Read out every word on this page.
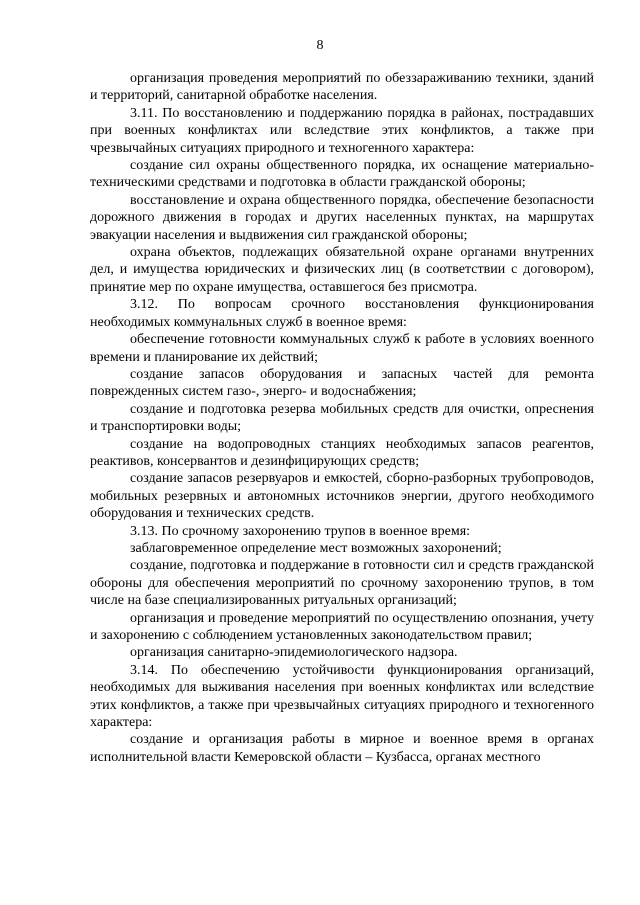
8

организация проведения мероприятий по обеззараживанию техники, зданий и территорий, санитарной обработке населения.

3.11. По восстановлению и поддержанию порядка в районах, пострадавших при военных конфликтах или вследствие этих конфликтов, а также при чрезвычайных ситуациях природного и техногенного характера:

создание сил охраны общественного порядка, их оснащение материально-техническими средствами и подготовка в области гражданской обороны;

восстановление и охрана общественного порядка, обеспечение безопасности дорожного движения в городах и других населенных пунктах, на маршрутах эвакуации населения и выдвижения сил гражданской обороны;

охрана объектов, подлежащих обязательной охране органами внутренних дел, и имущества юридических и физических лиц (в соответствии с договором), принятие мер по охране имущества, оставшегося без присмотра.

3.12. По вопросам срочного восстановления функционирования необходимых коммунальных служб в военное время:

обеспечение готовности коммунальных служб к работе в условиях военного времени и планирование их действий;

создание запасов оборудования и запасных частей для ремонта поврежденных систем газо-, энерго- и водоснабжения;

создание и подготовка резерва мобильных средств для очистки, опреснения и транспортировки воды;

создание на водопроводных станциях необходимых запасов реагентов, реактивов, консервантов и дезинфицирующих средств;

создание запасов резервуаров и емкостей, сборно-разборных трубопроводов, мобильных резервных и автономных источников энергии, другого необходимого оборудования и технических средств.

3.13. По срочному захоронению трупов в военное время:

заблаговременное определение мест возможных захоронений;

создание, подготовка и поддержание в готовности сил и средств гражданской обороны для обеспечения мероприятий по срочному захоронению трупов, в том числе на базе специализированных ритуальных организаций;

организация и проведение мероприятий по осуществлению опознания, учету и захоронению с соблюдением установленных законодательством правил;

организация санитарно-эпидемиологического надзора.

3.14. По обеспечению устойчивости функционирования организаций, необходимых для выживания населения при военных конфликтах или вследствие этих конфликтов, а также при чрезвычайных ситуациях природного и техногенного характера:

создание и организация работы в мирное и военное время в органах исполнительной власти Кемеровской области – Кузбасса, органах местного
